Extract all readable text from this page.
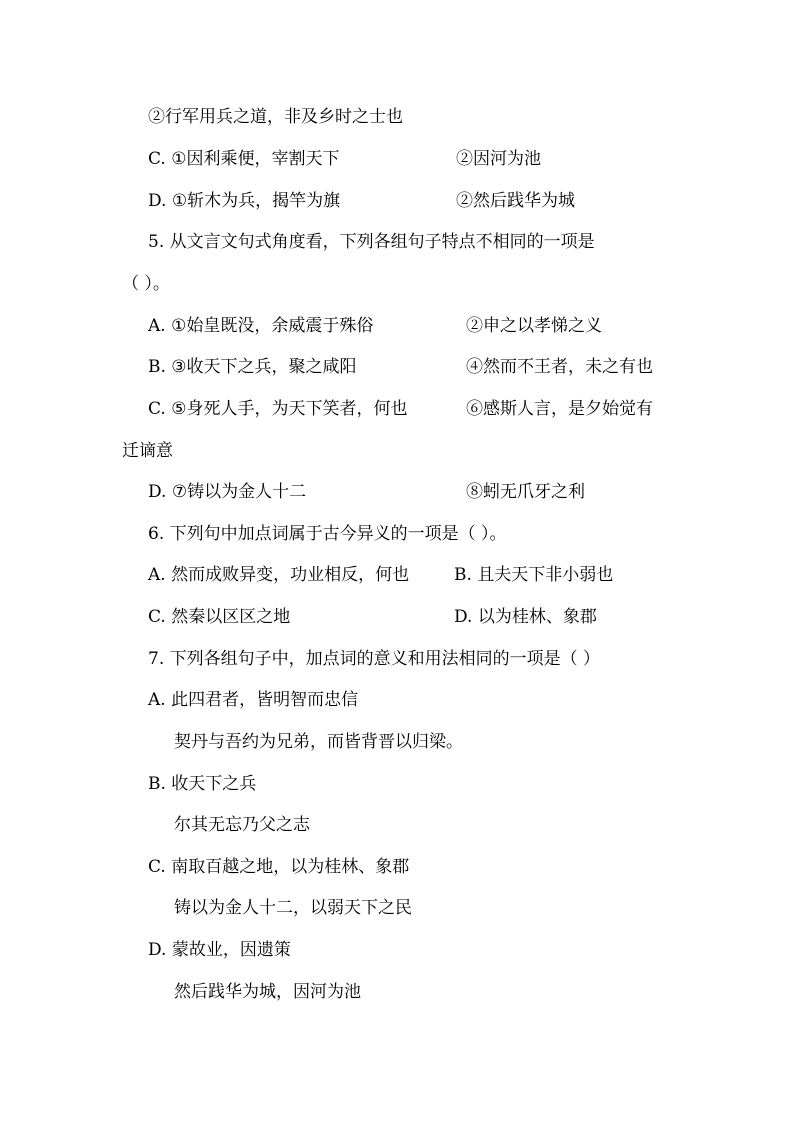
②行军用兵之道，非及乡时之士也
C. ①因利乘便，宰割天下	②因河为池
D. ①斩木为兵，揭竿为旗	②然后践华为城
5. 从文言文句式角度看，下列各组句子特点不相同的一项是
（ ）。
A. ①始皇既没，余威震于殊俗	②申之以孝悌之义
B. ③收天下之兵，聚之咸阳	④然而不王者，未之有也
C. ⑤身死人手，为天下笑者，何也	⑥感斯人言，是夕始觉有
迁谪意
D. ⑦铸以为金人十二	⑧蚓无爪牙之利
6. 下列句中加点词属于古今异义的一项是（ ）。
A. 然而成败异变，功业相反，何也	B. 且夫天下非小弱也
C. 然秦以区区之地	D. 以为桂林、象郡
7. 下列各组句子中，加点词的意义和用法相同的一项是（ ）
A. 此四君者，皆明智而忠信
契丹与吾约为兄弟，而皆背晋以归梁。
B. 收天下之兵
尔其无忘乃父之志
C. 南取百越之地，以为桂林、象郡
铸以为金人十二，以弱天下之民
D. 蒙故业，因遗策
然后践华为城，因河为池
